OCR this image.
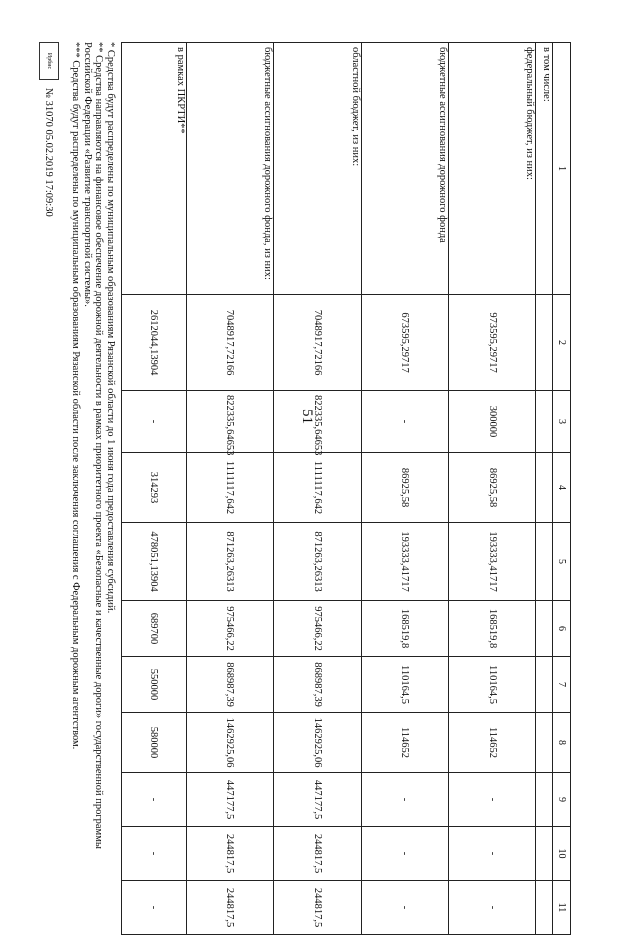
51
1	2	3	4	5	6	7	8	9	10	11
в том числе:										
федеральный бюджет, из них:	973595,29717	300000	86925,58	193333,41717	168519,8	110164,5	114652	-	-	-
бюджетные ассигнования дорожного фонда	673595,29717	-	86925,58	193333,41717	168519,8	110164,5	114652	-	-	-
областной бюджет, из них:	7048917,72166	822335,64653	1111117,642	871263,26313	975466,22	868987,39	1462925,06	447177,5	244817,5	244817,5
бюджетные ассигнования дорожного фонда, из них:	7048917,72166	822335,64653	1111117,642	871263,26313	975466,22	868987,39	1462925,06	447177,5	244817,5	244817,5
в рамках ПКРТИ**	2612044,13904	-	314293	478051,13904	689700	550000	580000	-	-	-

* Средства будут распределены по муниципальным образованиям Рязанской области до 1 июня года предоставления субсидий.

** Средства направляются на финансовое обеспечение дорожной деятельности в рамках приоритетного проекта «Безопасные и качественные дороги» государственной программы Российской Федерации «Развитие транспортной системы».

*** Средства будут распределены по муниципальным образованиям Рязанской области после заключения соглашения с Федеральным дорожным агентством.

Ирбис
№ 31070 05.02.2019 17:09:30
